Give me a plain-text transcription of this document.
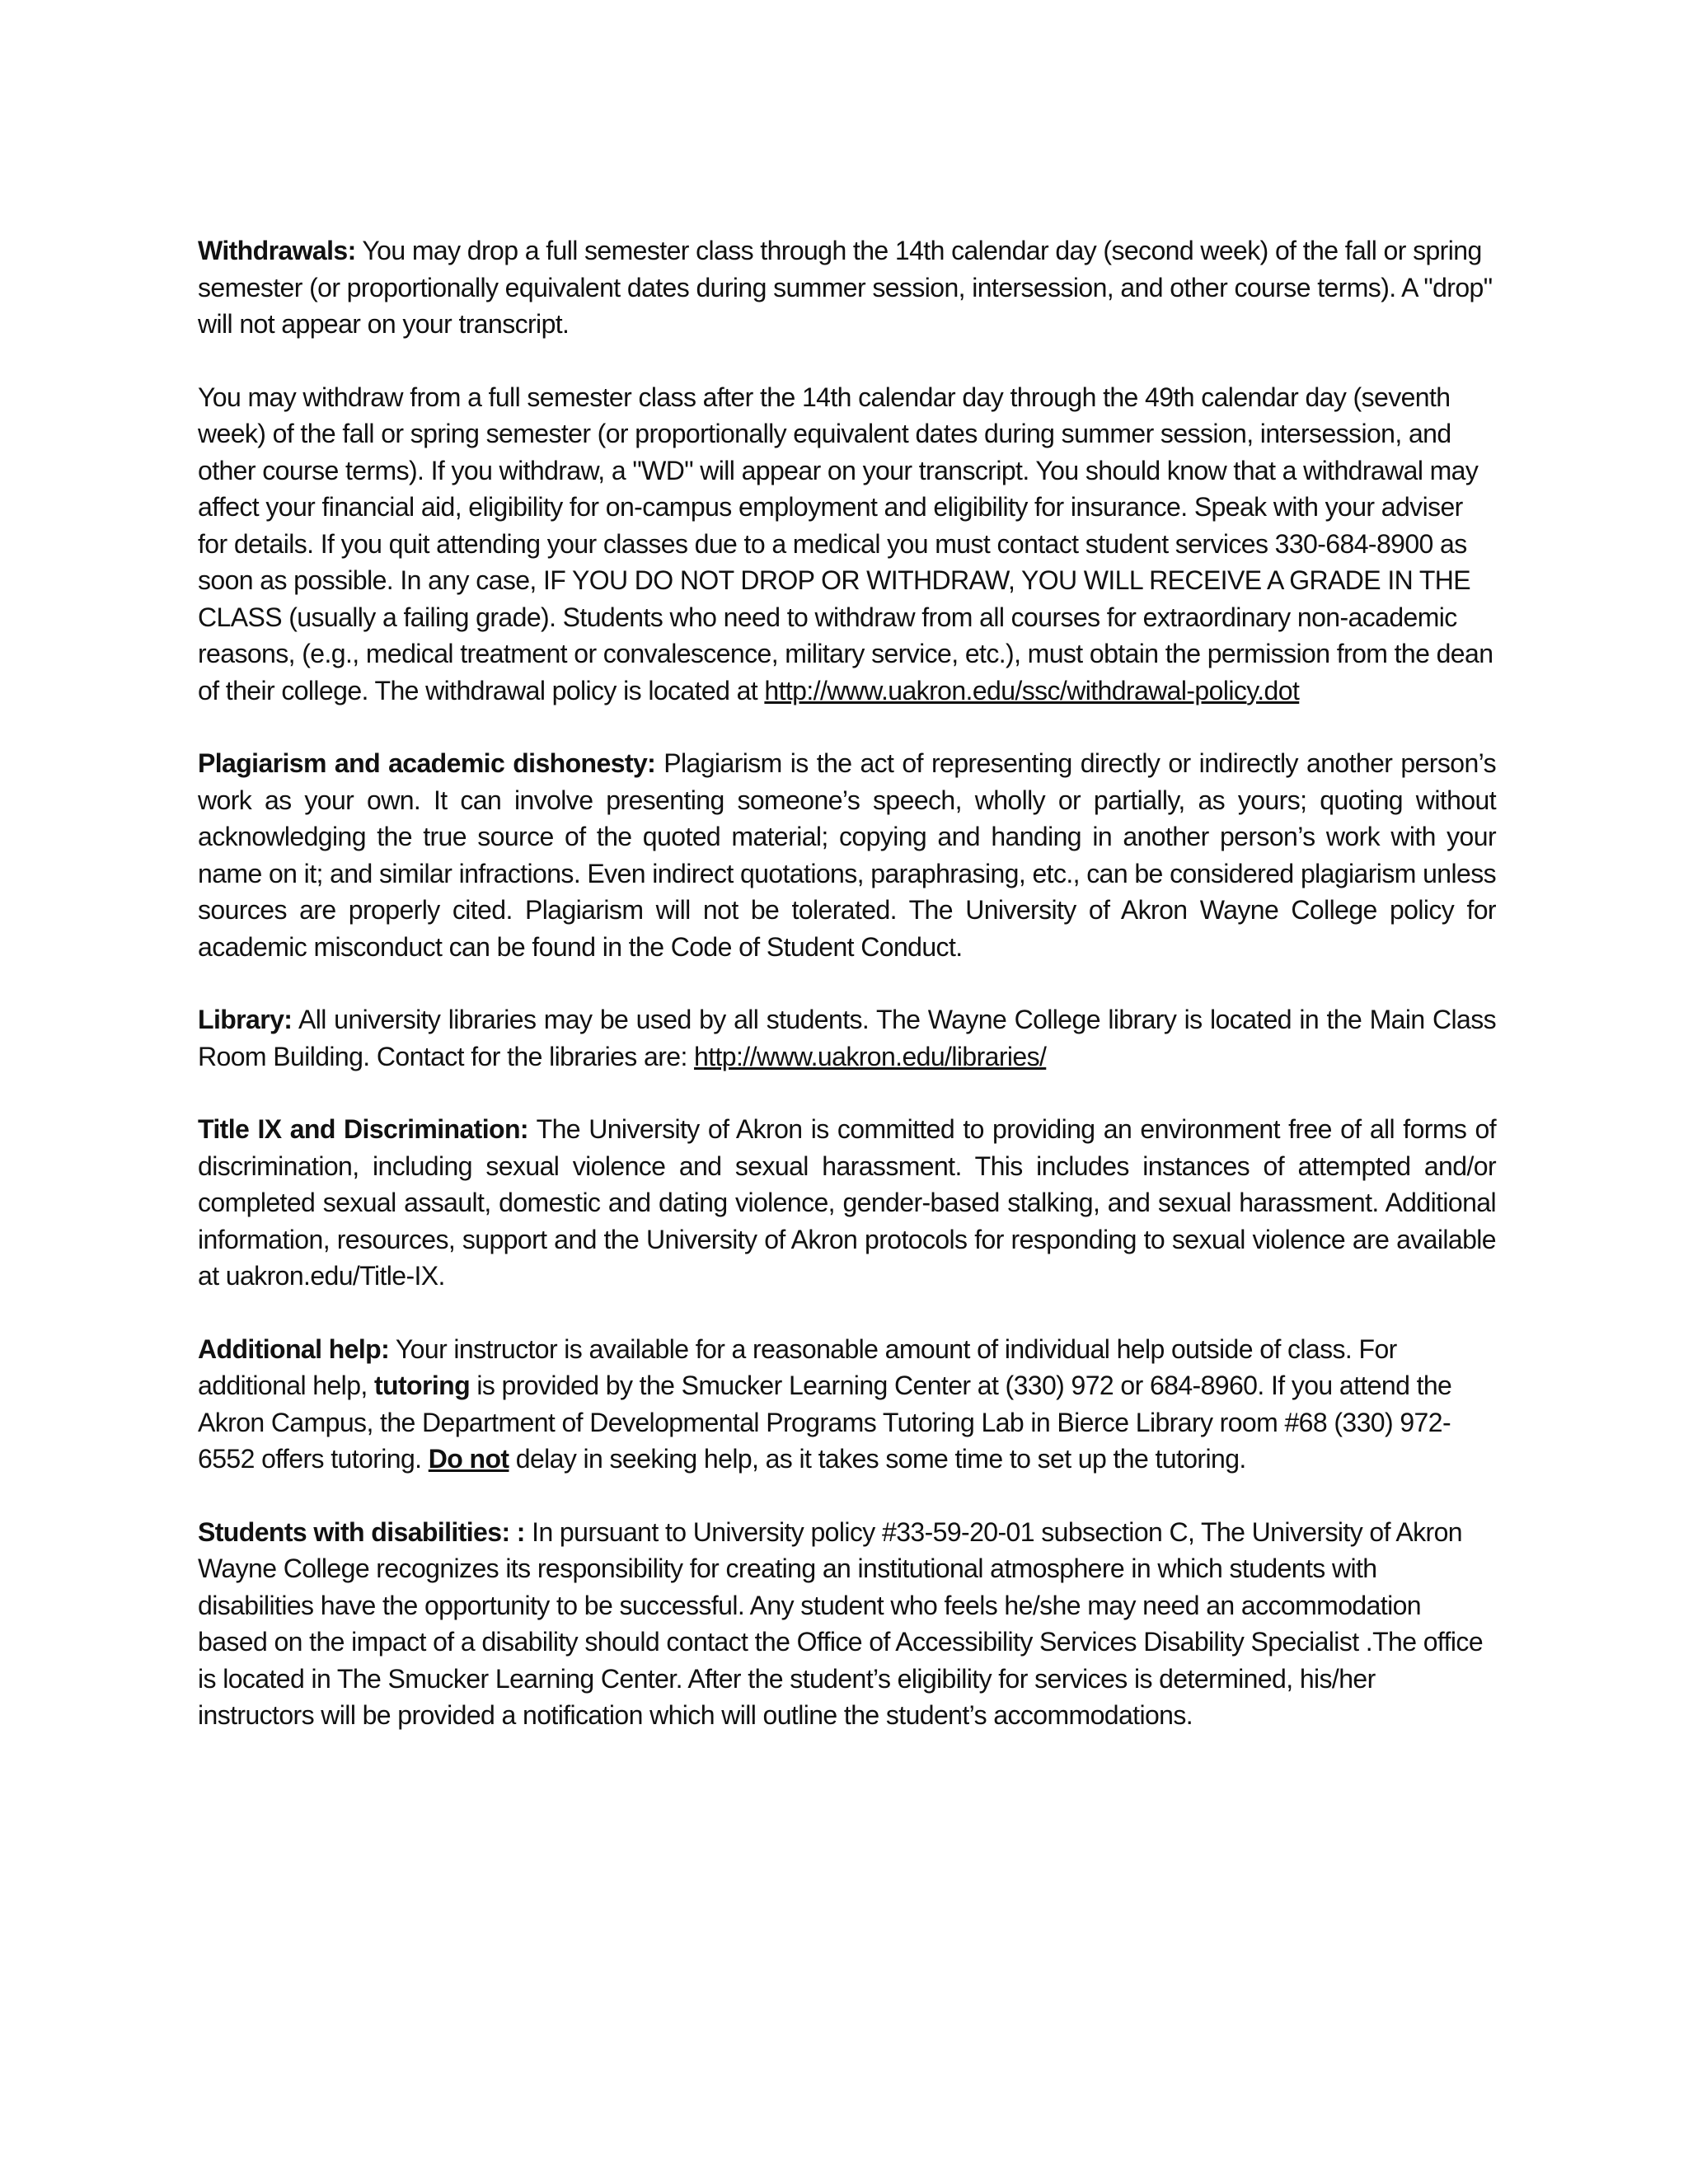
Withdrawals: You may drop a full semester class through the 14th calendar day (second week) of the fall or spring semester (or proportionally equivalent dates during summer session, intersession, and other course terms). A "drop" will not appear on your transcript.

You may withdraw from a full semester class after the 14th calendar day through the 49th calendar day (seventh week) of the fall or spring semester (or proportionally equivalent dates during summer session, intersession, and other course terms). If you withdraw, a "WD" will appear on your transcript. You should know that a withdrawal may affect your financial aid, eligibility for on-campus employment and eligibility for insurance. Speak with your adviser for details. If you quit attending your classes due to a medical you must contact student services 330-684-8900 as soon as possible. In any case, IF YOU DO NOT DROP OR WITHDRAW, YOU WILL RECEIVE A GRADE IN THE CLASS (usually a failing grade). Students who need to withdraw from all courses for extraordinary non-academic reasons, (e.g., medical treatment or convalescence, military service, etc.), must obtain the permission from the dean of their college. The withdrawal policy is located at http://www.uakron.edu/ssc/withdrawal-policy.dot

Plagiarism and academic dishonesty: Plagiarism is the act of representing directly or indirectly another person’s work as your own. It can involve presenting someone’s speech, wholly or partially, as yours; quoting without acknowledging the true source of the quoted material; copying and handing in another person’s work with your name on it; and similar infractions. Even indirect quotations, paraphrasing, etc., can be considered plagiarism unless sources are properly cited. Plagiarism will not be tolerated. The University of Akron Wayne College policy for academic misconduct can be found in the Code of Student Conduct.

Library: All university libraries may be used by all students. The Wayne College library is located in the Main Class Room Building. Contact for the libraries are: http://www.uakron.edu/libraries/

Title IX and Discrimination: The University of Akron is committed to providing an environment free of all forms of discrimination, including sexual violence and sexual harassment. This includes instances of attempted and/or completed sexual assault, domestic and dating violence, gender-based stalking, and sexual harassment. Additional information, resources, support and the University of Akron protocols for responding to sexual violence are available at uakron.edu/Title-IX.

Additional help: Your instructor is available for a reasonable amount of individual help outside of class. For additional help, tutoring is provided by the Smucker Learning Center at (330) 972 or 684-8960. If you attend the Akron Campus, the Department of Developmental Programs Tutoring Lab in Bierce Library room #68 (330) 972-6552 offers tutoring. Do not delay in seeking help, as it takes some time to set up the tutoring.

Students with disabilities: : In pursuant to University policy #33-59-20-01 subsection C, The University of Akron Wayne College recognizes its responsibility for creating an institutional atmosphere in which students with disabilities have the opportunity to be successful. Any student who feels he/she may need an accommodation based on the impact of a disability should contact the Office of Accessibility Services Disability Specialist .The office is located in The Smucker Learning Center. After the student’s eligibility for services is determined, his/her instructors will be provided a notification which will outline the student’s accommodations.
